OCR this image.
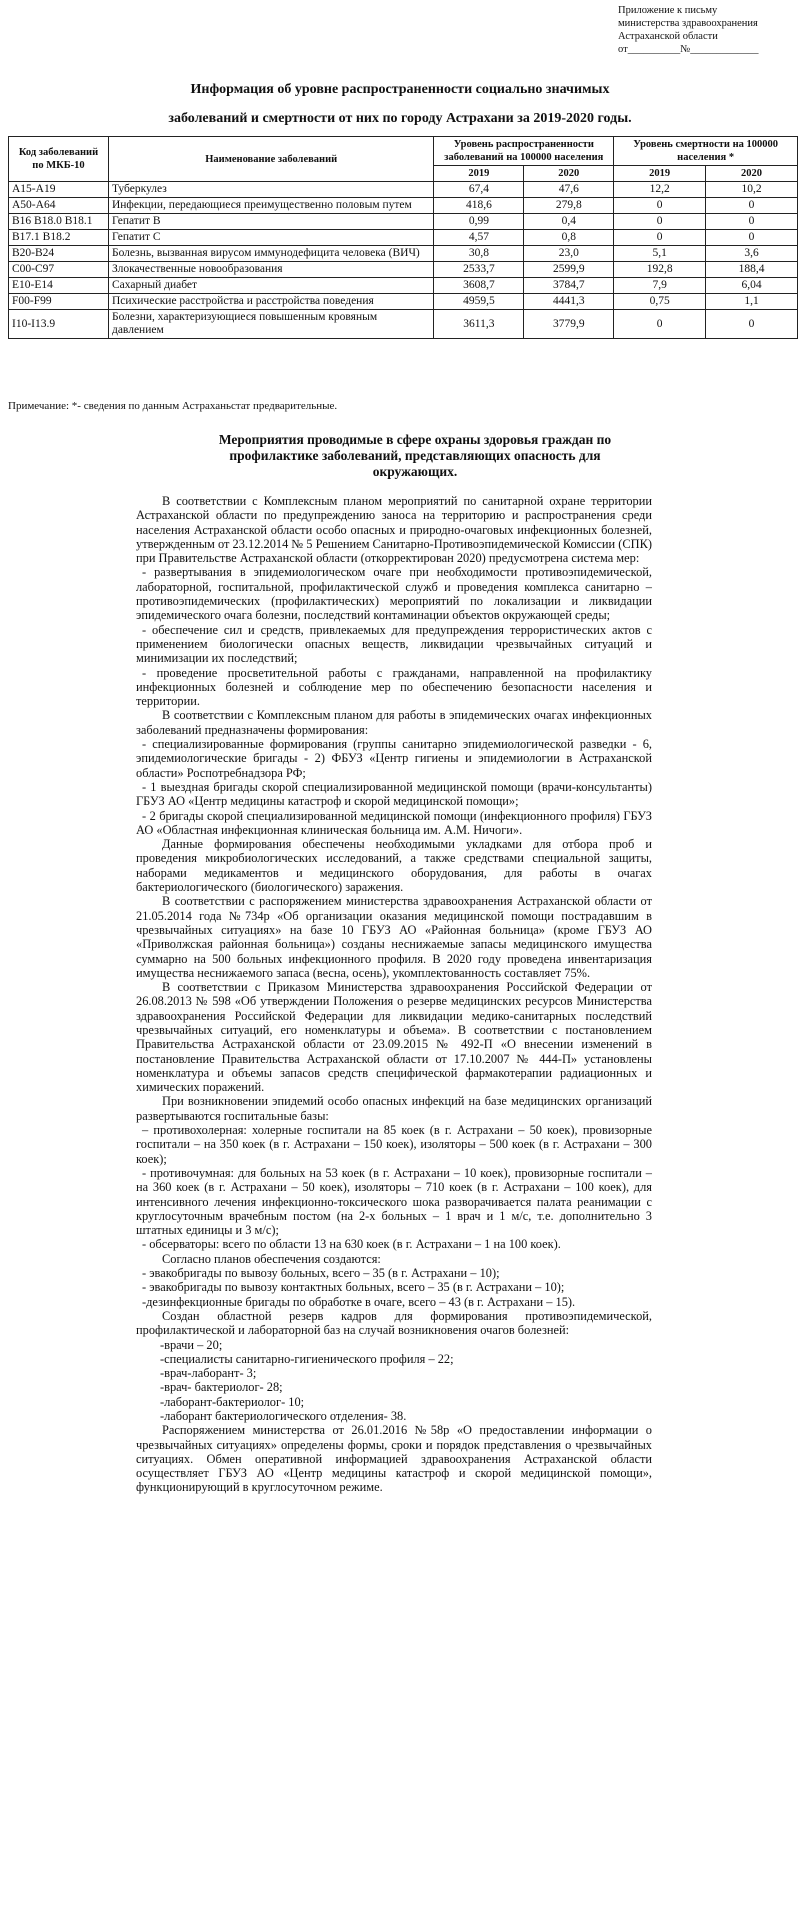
Приложение к письму
министерства здравоохранения
Астраханской области
от__________№_____________
Информация об уровне распространенности социально значимых
заболеваний и смертности от них по городу Астрахани за 2019-2020 годы.
Код заболеваний по МКБ-10	Наименование заболеваний	Уровень распространенности заболеваний на 100000 населения		Уровень смертности на 100000 населения *	
		2019	2020	2019	2020
A15-A19	Туберкулез	67,4	47,6	12,2	10,2
A50-A64	Инфекции, передающиеся преимущественно половым путем	418,6	279,8	0	0
B16 B18.0 B18.1	Гепатит В	0,99	0,4	0	0
B17.1 B18.2	Гепатит С	4,57	0,8	0	0
B20-B24	Болезнь, вызванная вирусом иммунодефицита человека (ВИЧ)	30,8	23,0	5,1	3,6
C00-C97	Злокачественные новообразования	2533,7	2599,9	192,8	188,4
E10-E14	Сахарный диабет	3608,7	3784,7	7,9	6,04
F00-F99	Психические расстройства и расстройства поведения	4959,5	4441,3	0,75	1,1
I10-I13.9	Болезни, характеризующиеся повышенным кровяным давлением	3611,3	3779,9	0	0
Примечание: *- сведения по данным Астраханьстат предварительные.
Мероприятия проводимые в сфере охраны здоровья граждан по профилактике заболеваний, представляющих опасность для окружающих.

В соответствии с Комплексным планом мероприятий по санитарной охране территории Астраханской области по предупреждению заноса на территорию и распространения среди населения Астраханской области особо опасных и природно-очаговых инфекционных болезней, утвержденным от 23.12.2014 № 5 Решением Санитарно-Противоэпидемической Комиссии (СПК) при Правительстве Астраханской области (откорректирован 2020) предусмотрена система мер:

- развертывания в эпидемиологическом очаге при необходимости противоэпидемической, лабораторной, госпитальной, профилактической служб и проведения комплекса санитарно – противоэпидемических (профилактических) мероприятий по локализации и ликвидации эпидемического очага болезни, последствий контаминации объектов окружающей среды;

- обеспечение сил и средств, привлекаемых для предупреждения террористических актов с применением биологически опасных веществ, ликвидации чрезвычайных ситуаций и минимизации их последствий;

- проведение просветительной работы с гражданами, направленной на профилактику инфекционных болезней и соблюдение мер по обеспечению безопасности населения и территории.

В соответствии с Комплексным планом для работы в эпидемических очагах инфекционных заболеваний предназначены формирования:

- специализированные формирования (группы санитарно эпидемиологической разведки - 6, эпидемиологические бригады - 2) ФБУЗ «Центр гигиены и эпидемиологии в Астраханской области» Роспотребнадзора РФ;

- 1 выездная бригады скорой специализированной медицинской помощи (врачи-консультанты) ГБУЗ АО «Центр медицины катастроф и скорой медицинской помощи»;

- 2 бригады скорой специализированной медицинской помощи (инфекционного профиля) ГБУЗ АО «Областная инфекционная клиническая больница им. А.М. Ничоги».

Данные формирования обеспечены необходимыми укладками для отбора проб и проведения микробиологических исследований, а также средствами специальной защиты, наборами медикаментов и медицинского оборудования, для работы в очагах бактериологического (биологического) заражения.

В соответствии с распоряжением министерства здравоохранения Астраханской области от 21.05.2014 года №734р «Об организации оказания медицинской помощи пострадавшим в чрезвычайных ситуациях» на базе 10 ГБУЗ АО «Районная больница» (кроме ГБУЗ АО «Приволжская районная больница») созданы неснижаемые запасы медицинского имущества суммарно на 500 больных инфекционного профиля. В 2020 году проведена инвентаризация имущества неснижаемого запаса (весна, осень), укомплектованность составляет 75%.

В соответствии с Приказом Министерства здравоохранения Российской Федерации от 26.08.2013 № 598 «Об утверждении Положения о резерве медицинских ресурсов Министерства здравоохранения Российской Федерации для ликвидации медико-санитарных последствий чрезвычайных ситуаций, его номенклатуры и объема». В соответствии с постановлением Правительства Астраханской области от 23.09.2015 № 492-П «О внесении изменений в постановление Правительства Астраханской области от 17.10.2007 № 444-П» установлены номенклатура и объемы запасов средств специфической фармакотерапии радиационных и химических поражений.

При возникновении эпидемий особо опасных инфекций на базе медицинских организаций развертываются госпитальные базы:

– противохолерная: холерные госпитали на 85 коек (в г. Астрахани – 50 коек), провизорные госпитали – на 350 коек (в г. Астрахани – 150 коек), изоляторы – 500 коек (в г. Астрахани – 300 коек);

- противочумная: для больных на 53 коек (в г. Астрахани – 10 коек), провизорные госпитали – на 360 коек (в г. Астрахани – 50 коек), изоляторы – 710 коек (в г. Астрахани – 100 коек), для интенсивного лечения инфекционно-токсического шока разворачивается палата реанимации с круглосуточным врачебным постом (на 2-х больных – 1 врач и 1 м/с, т.е. дополнительно 3 штатных единицы и 3 м/с);

- обсерваторы: всего по области 13 на 630 коек (в г. Астрахани – 1 на 100 коек).

Согласно планов обеспечения создаются:

- эвакобригады по вывозу больных, всего – 35 (в г. Астрахани – 10);

- эвакобригады по вывозу контактных больных, всего – 35 (в г. Астрахани – 10);

-дезинфекционные бригады по обработке в очаге, всего – 43 (в г. Астрахани – 15).

Создан областной резерв кадров для формирования противоэпидемической, профилактической и лабораторной баз на случай возникновения очагов болезней:

-врачи – 20;

-специалисты санитарно-гигиенического профиля – 22;

-врач-лаборант- 3;

-врач- бактериолог- 28;

-лаборант-бактериолог- 10;

-лаборант бактериологического отделения- 38.

Распоряжением министерства от 26.01.2016 №58р «О предоставлении информации о чрезвычайных ситуациях» определены формы, сроки и порядок представления о чрезвычайных ситуациях. Обмен оперативной информацией здравоохранения Астраханской области осуществляет ГБУЗ АО «Центр медицины катастроф и скорой медицинской помощи», функционирующий в круглосуточном режиме.
